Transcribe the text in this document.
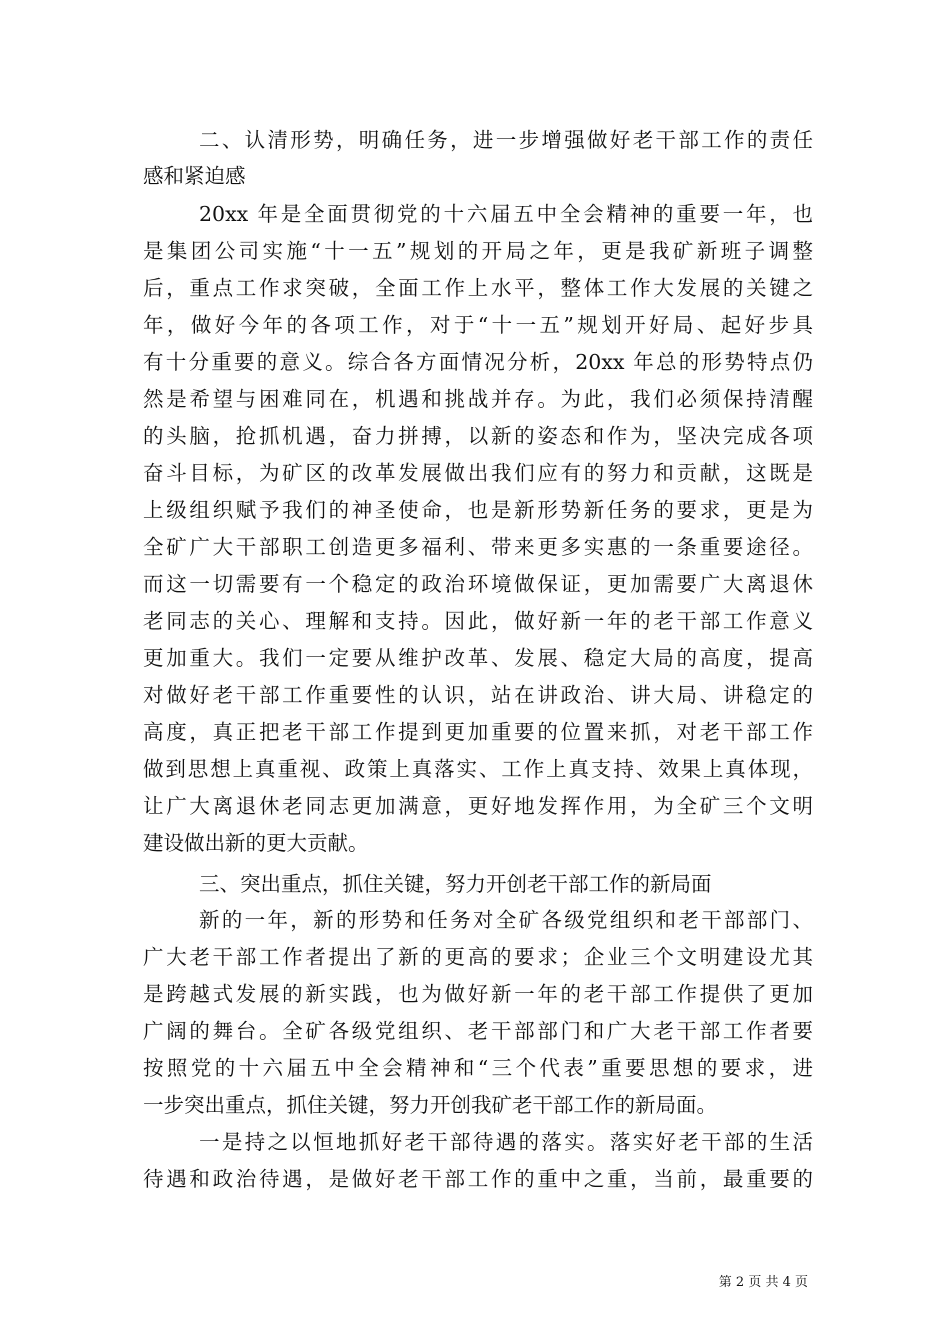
二、认清形势，明确任务，进一步增强做好老干部工作的责任
感和紧迫感
20xx 年是全面贯彻党的十六届五中全会精神的重要一年，也
是集团公司实施“十一五”规划的开局之年，更是我矿新班子调整
后，重点工作求突破，全面工作上水平，整体工作大发展的关键之
年，做好今年的各项工作，对于“十一五”规划开好局、起好步具
有十分重要的意义。综合各方面情况分析，20xx 年总的形势特点仍
然是希望与困难同在，机遇和挑战并存。为此，我们必须保持清醒
的头脑，抢抓机遇，奋力拼搏，以新的姿态和作为，坚决完成各项
奋斗目标，为矿区的改革发展做出我们应有的努力和贡献，这既是
上级组织赋予我们的神圣使命，也是新形势新任务的要求，更是为
全矿广大干部职工创造更多福利、带来更多实惠的一条重要途径。
而这一切需要有一个稳定的政治环境做保证，更加需要广大离退休
老同志的关心、理解和支持。因此，做好新一年的老干部工作意义
更加重大。我们一定要从维护改革、发展、稳定大局的高度，提高
对做好老干部工作重要性的认识，站在讲政治、讲大局、讲稳定的
高度，真正把老干部工作提到更加重要的位置来抓，对老干部工作
做到思想上真重视、政策上真落实、工作上真支持、效果上真体现，
让广大离退休老同志更加满意，更好地发挥作用，为全矿三个文明
建设做出新的更大贡献。
三、突出重点，抓住关键，努力开创老干部工作的新局面
新的一年，新的形势和任务对全矿各级党组织和老干部部门、
广大老干部工作者提出了新的更高的要求；企业三个文明建设尤其
是跨越式发展的新实践，也为做好新一年的老干部工作提供了更加
广阔的舞台。全矿各级党组织、老干部部门和广大老干部工作者要
按照党的十六届五中全会精神和“三个代表”重要思想的要求，进
一步突出重点，抓住关键，努力开创我矿老干部工作的新局面。
一是持之以恒地抓好老干部待遇的落实。落实好老干部的生活
待遇和政治待遇，是做好老干部工作的重中之重，当前，最重要的
第 2 页 共 4 页
